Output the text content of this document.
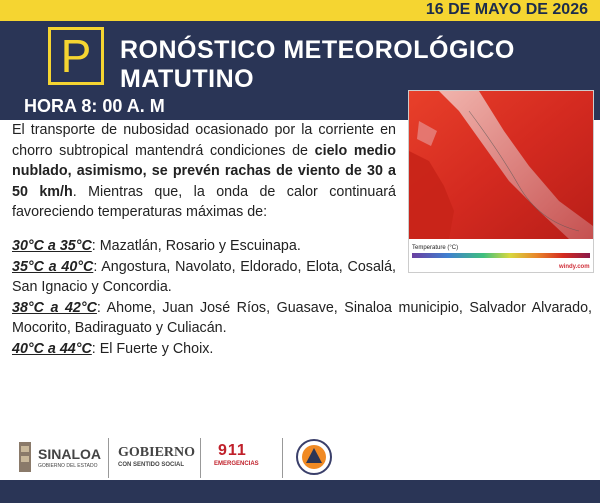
16 DE MAYO DE 2026
P	RONÓSTICO METEOROLÓGICO
MATUTINO
HORA 8: 00 A. M
Temperature (°C)
windy.com

El transporte de nubosidad ocasionado por la corriente en chorro subtropical mantendrá condiciones de cielo medio nublado, asimismo, se prevén rachas de viento de 30 a 50 km/h. Mientras que, la onda de calor continuará favoreciendo temperaturas máximas de:

30°C a 35°C: Mazatlán, Rosario y Escuinapa.

35°C a 40°C: Angostura, Navolato, Eldorado, Elota, Cosalá, San Ignacio y Concordia.

38°C a 42°C: Ahome, Juan José Ríos, Guasave, Sinaloa municipio, Salvador Alvarado, Mocorito, Badiraguato y Culiacán.

40°C a 44°C: El Fuerte y Choix.

SINALOA
GOBIERNO DEL ESTADO
GOBIERNO
CON SENTIDO SOCIAL
911
EMERGENCIAS
